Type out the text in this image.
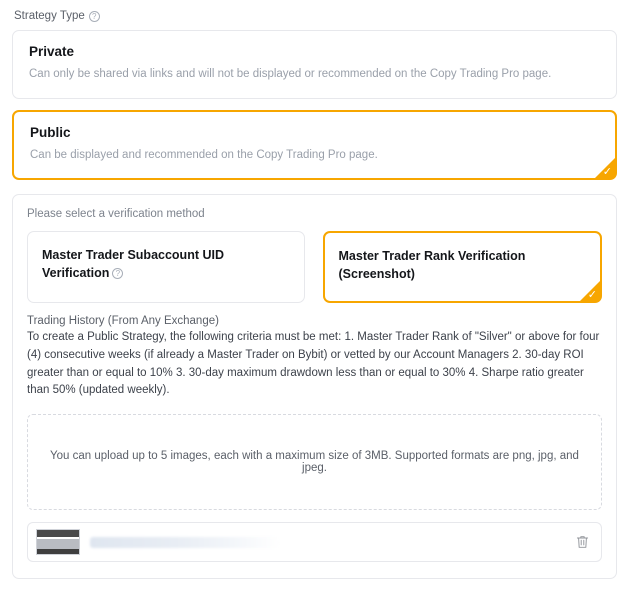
Strategy Type ?
Private
Can only be shared via links and will not be displayed or recommended on the Copy Trading Pro page.
Public
Can be displayed and recommended on the Copy Trading Pro page.
✓
Please select a verification method
Master Trader Subaccount UID Verification ?
Master Trader Rank Verification (Screenshot)
✓
Trading History (From Any Exchange)
To create a Public Strategy, the following criteria must be met: 1. Master Trader Rank of "Silver" or above for four (4) consecutive weeks (if already a Master Trader on Bybit) or vetted by our Account Managers 2. 30-day ROI greater than or equal to 10% 3. 30-day maximum drawdown less than or equal to 30% 4. Sharpe ratio greater than 50% (updated weekly).
You can upload up to 5 images, each with a maximum size of 3MB. Supported formats are png, jpg, and jpeg.
